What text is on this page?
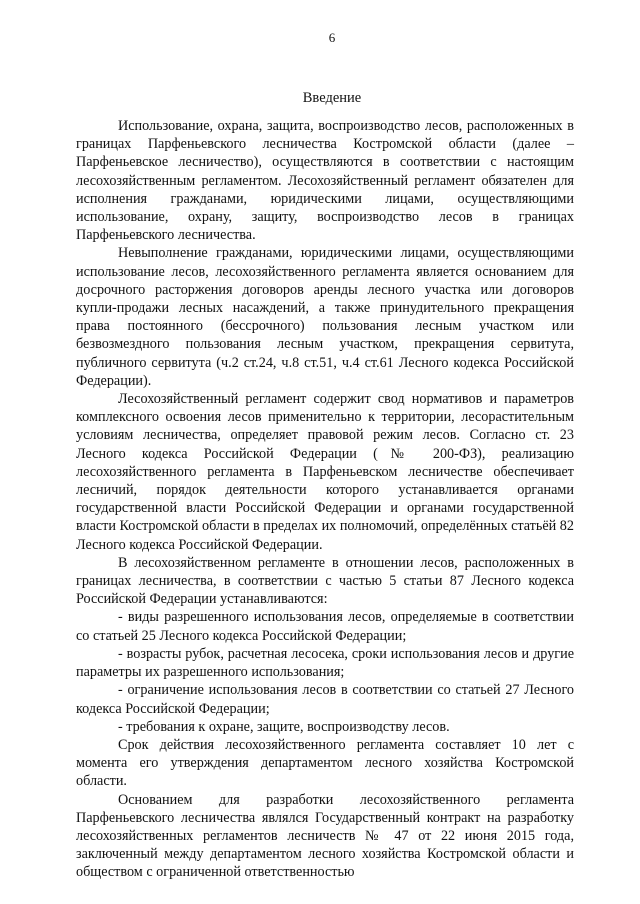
6
Введение

Использование, охрана, защита, воспроизводство лесов, расположенных в границах Парфеньевского лесничества Костромской области (далее – Парфеньевское лесничество), осуществляются в соответствии с настоящим лесохозяйственным регламентом. Лесохозяйственный регламент обязателен для исполнения гражданами, юридическими лицами, осуществляющими использование, охрану, защиту, воспроизводство лесов в границах Парфеньевского лесничества.

Невыполнение гражданами, юридическими лицами, осуществляющими использование лесов, лесохозяйственного регламента является основанием для досрочного расторжения договоров аренды лесного участка или договоров купли-продажи лесных насаждений, а также принудительного прекращения права постоянного (бессрочного) пользования лесным участком или безвозмездного пользования лесным участком, прекращения сервитута, публичного сервитута (ч.2 ст.24, ч.8 ст.51, ч.4 ст.61 Лесного кодекса Российской Федерации).

Лесохозяйственный регламент содержит свод нормативов и параметров комплексного освоения лесов применительно к территории, лесорастительным условиям лесничества, определяет правовой режим лесов. Согласно ст. 23 Лесного кодекса Российской Федерации (№ 200-ФЗ), реализацию лесохозяйственного регламента в Парфеньевском лесничестве обеспечивает лесничий, порядок деятельности которого устанавливается органами государственной власти Российской Федерации и органами государственной власти Костромской области в пределах их полномочий, определённых статьёй 82 Лесного кодекса Российской Федерации.

В лесохозяйственном регламенте в отношении лесов, расположенных в границах лесничества, в соответствии с частью 5 статьи 87 Лесного кодекса Российской Федерации устанавливаются:

- виды разрешенного использования лесов, определяемые в соответствии со статьей 25 Лесного кодекса Российской Федерации;

- возрасты рубок, расчетная лесосека, сроки использования лесов и другие параметры их разрешенного использования;

- ограничение использования лесов в соответствии со статьей 27 Лесного кодекса Российской Федерации;

- требования к охране, защите, воспроизводству лесов.

Срок действия лесохозяйственного регламента составляет 10 лет с момента его утверждения департаментом лесного хозяйства Костромской области.

Основанием для разработки лесохозяйственного регламента Парфеньевского лесничества являлся Государственный контракт на разработку лесохозяйственных регламентов лесничеств № 47 от 22 июня 2015 года, заключенный между департаментом лесного хозяйства Костромской области и обществом с ограниченной ответственностью
